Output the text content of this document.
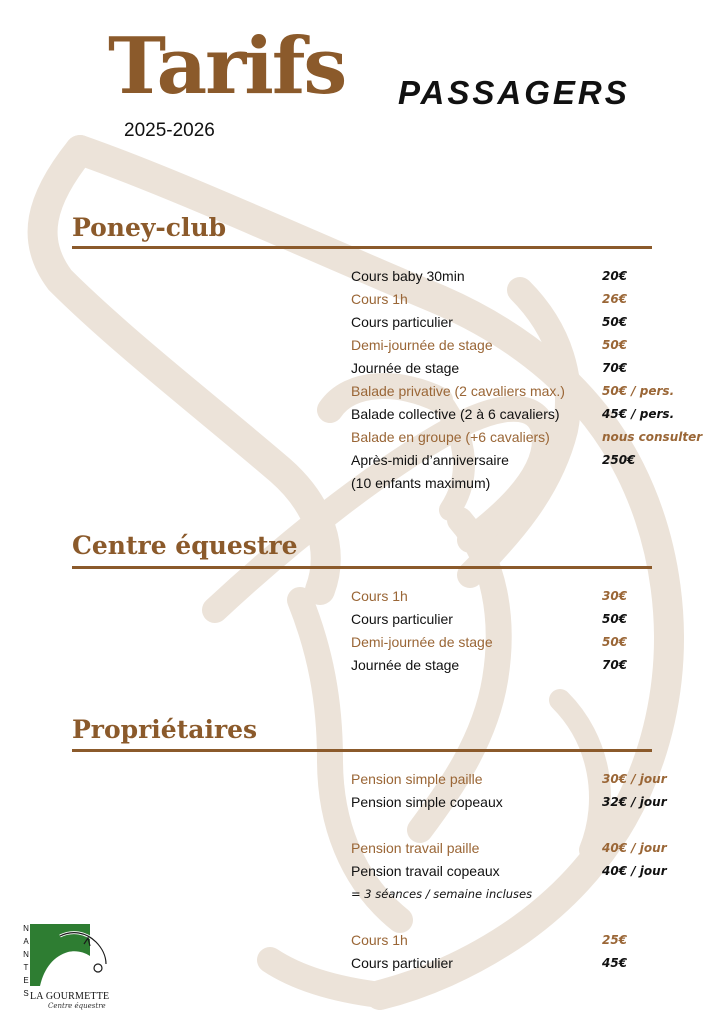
Tarifs PASSAGERS
2025-2026
Poney-club
Cours baby 30min	20€
Cours 1h	26€
Cours particulier	50€
Demi-journée de stage	50€
Journée de stage	70€
Balade privative (2 cavaliers max.)	50€ / pers.
Balade collective (2 à 6 cavaliers)	45€ / pers.
Balade en groupe (+6 cavaliers)	nous consulter
Après-midi d’anniversaire	250€
(10 enfants maximum)
Centre équestre
Cours 1h	30€
Cours particulier	50€
Demi-journée de stage	50€
Journée de stage	70€
Propriétaires
Pension simple paille	30€ / jour
Pension simple copeaux	32€ / jour
Pension travail paille	40€ / jour
Pension travail copeaux	40€ / jour
= 3 séances / semaine incluses
Cours 1h	25€
Cours particulier	45€
N
A
N
T
E
S LA GOURMETTE
Centre équestre
